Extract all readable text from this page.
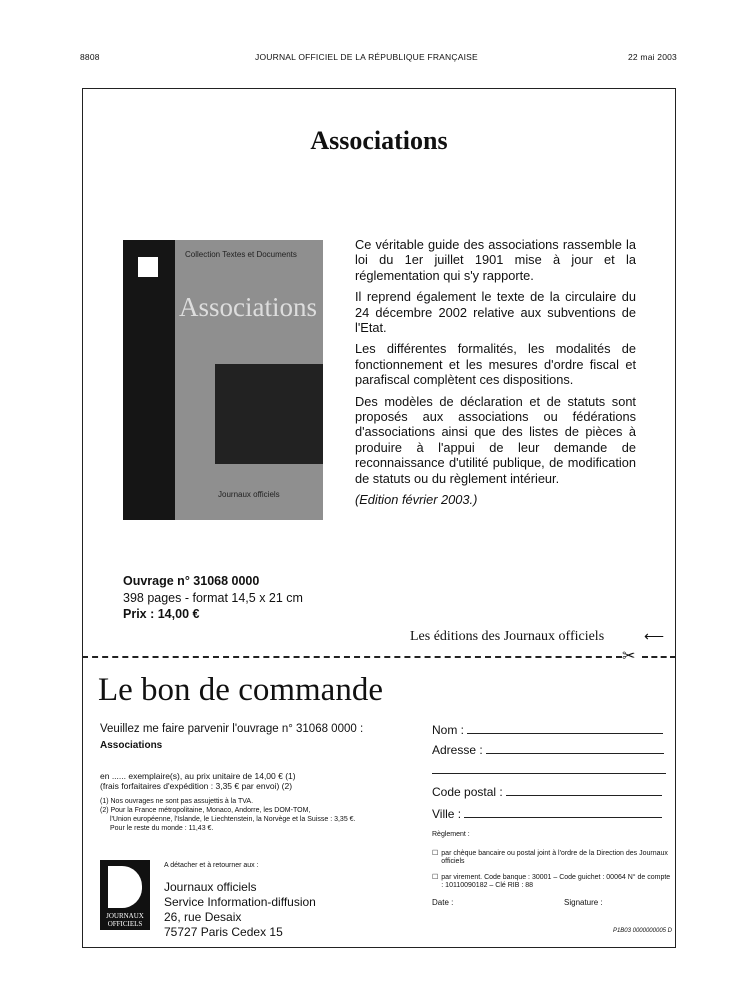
8808	JOURNAL OFFICIEL DE LA RÉPUBLIQUE FRANÇAISE	22 mai 2003
Associations
Collection Textes et Documents
Associations
Journaux officiels

Ce véritable guide des associations rassemble la loi du 1er juillet 1901 mise à jour et la réglementation qui s'y rapporte.

Il reprend également le texte de la circulaire du 24 décembre 2002 relative aux subventions de l'Etat.

Les différentes formalités, les modalités de fonctionnement et les mesures d'ordre fiscal et parafiscal complètent ces dispositions.

Des modèles de déclaration et de statuts sont proposés aux associations ou fédérations d'associations ainsi que des listes de pièces à produire à l'appui de leur demande de reconnaissance d'utilité publique, de modification de statuts ou du règlement intérieur.

(Edition février 2003.)

Ouvrage n° 31068 0000
398 pages - format 14,5 x 21 cm
Prix : 14,00 €
Les éditions des Journaux officiels	⟵
✂
Le bon de commande
Veuillez me faire parvenir l'ouvrage n° 31068 0000 :
Associations
en ...... exemplaire(s), au prix unitaire de 14,00 € (1)
(frais forfaitaires d'expédition : 3,35 € par envoi) (2)
(1) Nos ouvrages ne sont pas assujettis à la TVA.
(2) Pour la France métropolitaine, Monaco, Andorre, les DOM-TOM,
l'Union européenne, l'Islande, le Liechtenstein, la Norvège et la Suisse : 3,35 €.
Pour le reste du monde : 11,43 €.
JOURNAUX
OFFICIELS
A détacher et à retourner aux :
Journaux officiels
Service Information-diffusion
26, rue Desaix
75727 Paris Cedex 15
Nom :
Adresse :
Code postal :
Ville :
Règlement :
☐ par chèque bancaire ou postal joint à l'ordre de la Direction des Journaux officiels
☐ par virement. Code banque : 30001 – Code guichet : 00064 N° de compte : 10110090182 – Clé RIB : 88
Date :	Signature :
P1B03 0000000005 D
